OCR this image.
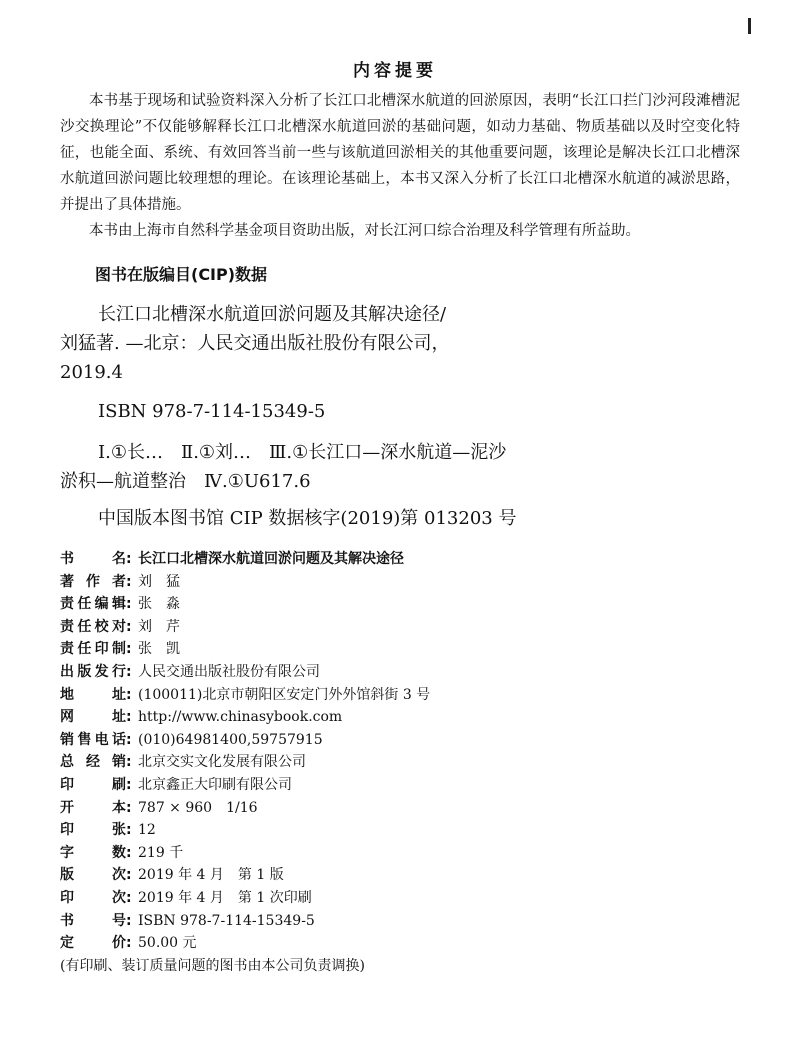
内容提要

本书基于现场和试验资料深入分析了长江口北槽深水航道的回淤原因，表明“长江口拦门沙河段滩槽泥沙交换理论”不仅能够解释长江口北槽深水航道回淤的基础问题，如动力基础、物质基础以及时空变化特征，也能全面、系统、有效回答当前一些与该航道回淤相关的其他重要问题，该理论是解决长江口北槽深水航道回淤问题比较理想的理论。在该理论基础上，本书又深入分析了长江口北槽深水航道的减淤思路，并提出了具体措施。

本书由上海市自然科学基金项目资助出版，对长江河口综合治理及科学管理有所益助。

图书在版编目(CIP)数据
长江口北槽深水航道回淤问题及其解决途径/
刘猛著. —北京：人民交通出版社股份有限公司，
2019.4
ISBN 978-7-114-15349-5
Ⅰ.①长…　Ⅱ.①刘…　Ⅲ.①长江口—深水航道—泥沙
淤积—航道整治　Ⅳ.①U617.6
中国版本图书馆 CIP 数据核字(2019)第 013203 号
书名 : 长江口北槽深水航道回淤问题及其解决途径
著作者 : 刘　猛
责任编辑 : 张　淼
责任校对 : 刘　芹
责任印制 : 张　凯
出版发行 : 人民交通出版社股份有限公司
地址 : (100011)北京市朝阳区安定门外外馆斜街 3 号
网址 : http://www.chinasybook.com
销售电话 : (010)64981400,59757915
总经销 : 北京交实文化发展有限公司
印刷 : 北京鑫正大印刷有限公司
开本 : 787 × 960　1/16
印张 : 12
字数 : 219 千
版次 : 2019 年 4 月　第 1 版
印次 : 2019 年 4 月　第 1 次印刷
书号 : ISBN 978-7-114-15349-5
定价 : 50.00 元
(有印刷、装订质量问题的图书由本公司负责调换)
